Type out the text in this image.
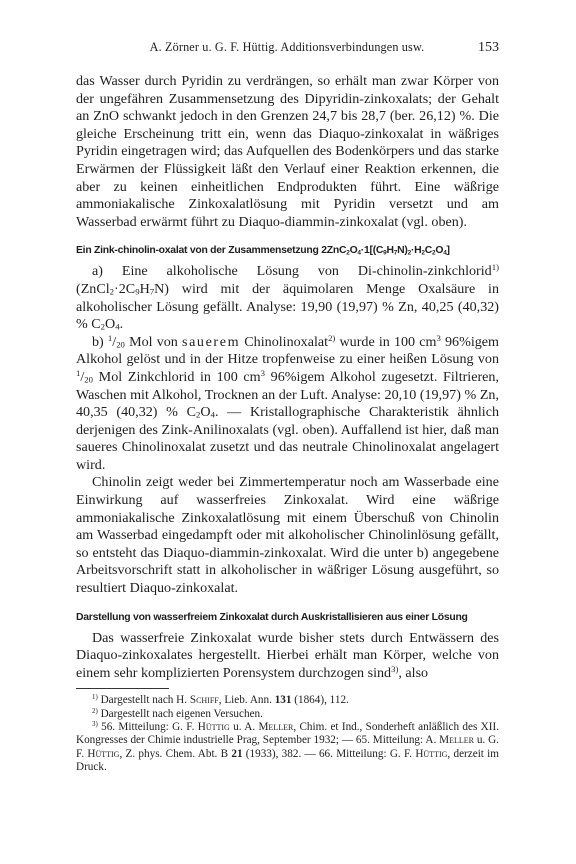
A. Zörner u. G. F. Hüttig. Additionsverbindungen usw.	153

das Wasser durch Pyridin zu verdrängen, so erhält man zwar Körper von der ungefähren Zusammensetzung des Dipyridin-zinkoxalats; der Gehalt an ZnO schwankt jedoch in den Grenzen 24,7 bis 28,7 (ber. 26,12) %. Die gleiche Erscheinung tritt ein, wenn das Diaquo-zinkoxalat in wäßriges Pyridin eingetragen wird; das Aufquellen des Bodenkörpers und das starke Erwärmen der Flüssigkeit läßt den Verlauf einer Reaktion erkennen, die aber zu keinen einheitlichen Endprodukten führt. Eine wäßrige ammoniakalische Zinkoxalatlösung mit Pyridin versetzt und am Wasserbad erwärmt führt zu Diaquo-diammin-zinkoxalat (vgl. oben).

Ein Zink-chinolin-oxalat von der Zusammensetzung $2ZnC_2O_4\cdot 1[(C_9H_7N)_2\cdot H_2C_2O_4]$

a) Eine alkoholische Lösung von Di-chinolin-zinkchlorid$^{1)}$ $(ZnCl_2\cdot 2C_9H_7N)$ wird mit der äquimolaren Menge Oxalsäure in alkoholischer Lösung gefällt. Analyse: 19,90 (19,97) % Zn, 40,25 (40,32) % $C_2O_4$.

b) $^1/_{20}$ Mol von sauerem Chinolinoxalat$^{2)}$ wurde in 100 $cm^3$ 96%igem Alkohol gelöst und in der Hitze tropfenweise zu einer heißen Lösung von $^1/_{20}$ Mol Zinkchlorid in 100 $cm^3$ 96%igem Alkohol zugesetzt. Filtrieren, Waschen mit Alkohol, Trocknen an der Luft. Analyse: 20,10 (19,97) % Zn, 40,35 (40,32) % $C_2O_4$. — Kristallographische Charakteristik ähnlich derjenigen des Zink-Anilinoxalats (vgl. oben). Auffallend ist hier, daß man saueres Chinolinoxalat zusetzt und das neutrale Chinolinoxalat angelagert wird.

Chinolin zeigt weder bei Zimmertemperatur noch am Wasserbade eine Einwirkung auf wasserfreies Zinkoxalat. Wird eine wäßrige ammoniakalische Zinkoxalatlösung mit einem Überschuß von Chinolin am Wasserbad eingedampft oder mit alkoholischer Chinolinlösung gefällt, so entsteht das Diaquo-diammin-zinkoxalat. Wird die unter b) angegebene Arbeitsvorschrift statt in alkoholischer in wäßriger Lösung ausgeführt, so resultiert Diaquo-zinkoxalat.

Darstellung von wasserfreiem Zinkoxalat durch Auskristallisieren aus einer Lösung

Das wasserfreie Zinkoxalat wurde bisher stets durch Entwässern des Diaquo-zinkoxalates hergestellt. Hierbei erhält man Körper, welche von einem sehr komplizierten Porensystem durchzogen sind$^{3)}$, also

$^{1)}$ Dargestellt nach H. Schiff, Lieb. Ann. 131 (1864), 112.

$^{2)}$ Dargestellt nach eigenen Versuchen.

$^{3)}$ 56. Mitteilung: G. F. Hüttig u. A. Meller, Chim. et Ind., Sonderheft anläßlich des XII. Kongresses der Chimie industrielle Prag, September 1932; — 65. Mitteilung: A. Meller u. G. F. Hüttig, Z. phys. Chem. Abt. B 21 (1933), 382. — 66. Mitteilung: G. F. Hüttig, derzeit im Druck.
